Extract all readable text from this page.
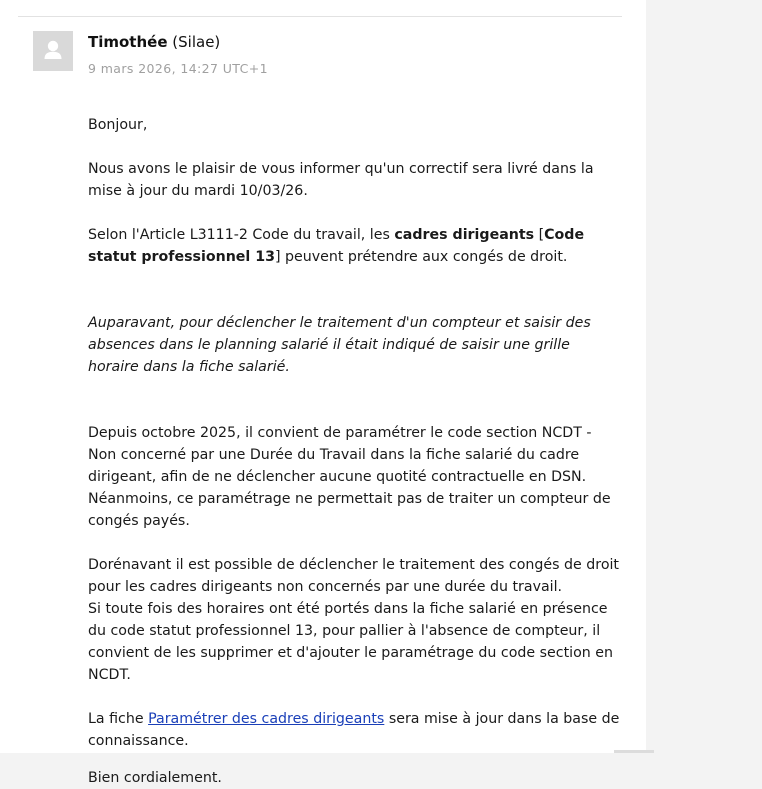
Timothée (Silae)
9 mars 2026, 14:27 UTC+1

Bonjour,

Nous avons le plaisir de vous informer qu'un correctif sera livré dans la mise à jour du mardi 10/03/26.

Selon l'Article L3111-2 Code du travail, les cadres dirigeants [Code statut professionnel 13] peuvent prétendre aux congés de droit.

Auparavant, pour déclencher le traitement d'un compteur et saisir des absences dans le planning salarié il était indiqué de saisir une grille horaire dans la fiche salarié.

Depuis octobre 2025, il convient de paramétrer le code section NCDT - Non concerné par une Durée du Travail dans la fiche salarié du cadre dirigeant, afin de ne déclencher aucune quotité contractuelle en DSN. Néanmoins, ce paramétrage ne permettait pas de traiter un compteur de congés payés.

Dorénavant il est possible de déclencher le traitement des congés de droit pour les cadres dirigeants non concernés par une durée du travail.

Si toute fois des horaires ont été portés dans la fiche salarié en présence du code statut professionnel 13, pour pallier à l'absence de compteur, il convient de les supprimer et d'ajouter le paramétrage du code section en NCDT.

La fiche Paramétrer des cadres dirigeants sera mise à jour dans la base de connaissance.

Bien cordialement.
